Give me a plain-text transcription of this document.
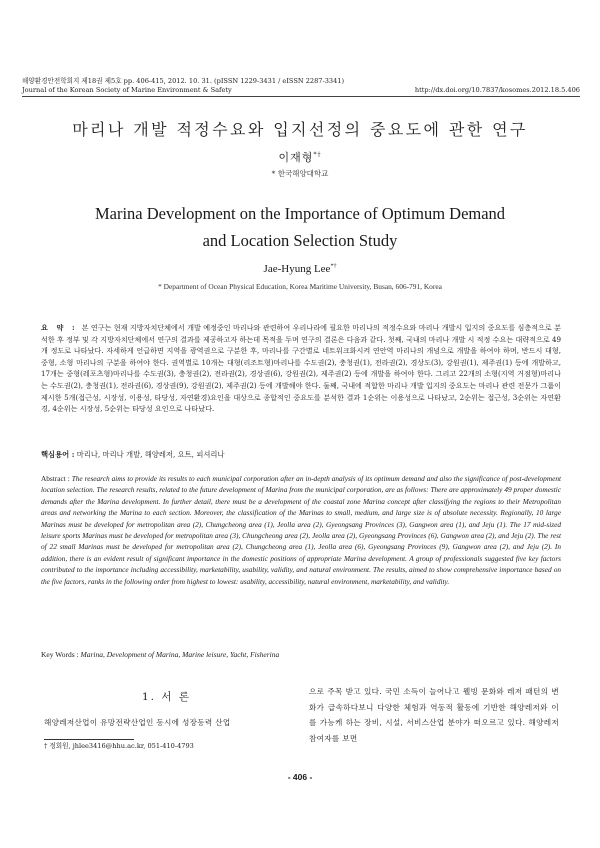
해양환경안전학회지 제18권 제5호 pp. 406-415, 2012. 10. 31. (pISSN 1229-3431 / eISSN 2287-3341)
Journal of the Korean Society of Marine Environment & Safety	http://dx.doi.org/10.7837/kosomes.2012.18.5.406
마리나 개발 적정수요와 입지선정의 중요도에 관한 연구
이재형*†
* 한국해양대학교
Marina Development on the Importance of Optimum Demand
and Location Selection Study
Jae-Hyung Lee*†
* Department of Ocean Physical Education, Korea Maritime University, Busan, 606-791, Korea
요 약 : 본 연구는 현재 지방자치단체에서 개발 예정중인 마리나와 관련하여 우리나라에 필요한 마리나의 적정수요와 마리나 개발시 입지의 중요도를 심층적으로 분석한 후 정부 및 각 지방자치단체에서 연구의 결과를 제공하고자 하는데 목적을 두며 연구의 결론은 다음과 같다. 첫째, 국내의 마리나 개발 시 적정 수요는 대략적으로 49개 정도로 나타났다. 자세하게 언급하면 지역을 광역권으로 구분한 후, 마리나를 구간별로 네트워크화시켜 연안역 마리나의 개념으로 개발을 하여야 하며, 반드시 대형, 중형, 소형 마리나의 구분을 하여야 한다. 권역별로 10개는 대형(리조트형)마리나를 수도권(2), 충청권(1), 전라권(2), 경상도(3), 강원권(1), 제주권(1) 등에 개발하고, 17개는 중형(레포츠형)마리나를 수도권(3), 충청권(2), 전라권(2), 경상권(6), 강원권(2), 제주권(2) 등에 개발을 하여야 한다. 그리고 22개의 소형(지역 거점형)마리나는 수도권(2), 충청권(1), 전라권(6), 경상권(9), 강원권(2), 제주권(2) 등에 개발해야 한다. 둘째, 국내에 적합한 마리나 개발 입지의 중요도는 마리나 관련 전문가 그룹이 제시한 5개(접근성, 시장성, 이용성, 타당성, 자연환경)요인을 대상으로 종합적인 중요도를 분석한 결과 1순위는 이용성으로 나타났고, 2순위는 접근성, 3순위는 자연환경, 4순위는 시장성, 5순위는 타당성 요인으로 나타났다.
핵심용어 : 마리나, 마리나 개발, 해양레저, 요트, 피셔리나
Abstract : The research aims to provide its results to each municipal corporation after an in-depth analysis of its optimum demand and also the significance of post-development location selection. The research results, related to the future development of Marina from the municipal corporation, are as follows: There are approximately 49 proper domestic demands after the Marina development. In further detail, there must be a development of the coastal zone Marina concept after classifying the regions to their Metropolitan areas and networking the Marina to each section. Moreover, the classification of the Marinas to small, medium, and large size is of absolute necessity. Regionally, 10 large Marinas must be developed for metropolitan area (2), Chungcheong area (1), Jeolla area (2), Gyeongsang Provinces (3), Gangwon area (1), and Jeju (1). The 17 mid-sized leisure sports Marinas must be developed for metropolitan area (3), Chungcheong area (2), Jeolla area (2), Gyeongsang Provinces (6), Gangwon area (2), and Jeju (2). The rest of 22 small Marinas must be developed for metropolitan area (2), Chungcheong area (1), Jeolla area (6), Gyeongsang Provinces (9), Gangwon area (2), and Jeju (2). In addition, there is an evident result of significant importance in the domestic positions of appropriate Marina development. A group of professionals suggested five key factors contributed to the importance including accessibility, marketability, usability, validity, and natural environment. The results, aimed to show comprehensive importance based on the five factors, ranks in the following order from highest to lowest: usability, accessibility, natural environment, marketability, and validity.
Key Words : Marina, Development of Marina, Marine leisure, Yacht, Fisherina
1. 서 론
해양레저산업이 유망전략산업인 동시에 성장동력 산업
으로 주목 받고 있다. 국민 소득이 늘어나고 웰빙 문화와 레저 패턴의 변화가 급속하다보니 다양한 체험과 역동적 활동에 기반한 해양레저와 이를 가능케 하는 장비, 시설, 서비스산업 분야가 떠오르고 있다. 해양레저 참여자를 보면
† 정회원, jhlee3416@hhu.ac.kr, 051-410-4793
- 406 -
